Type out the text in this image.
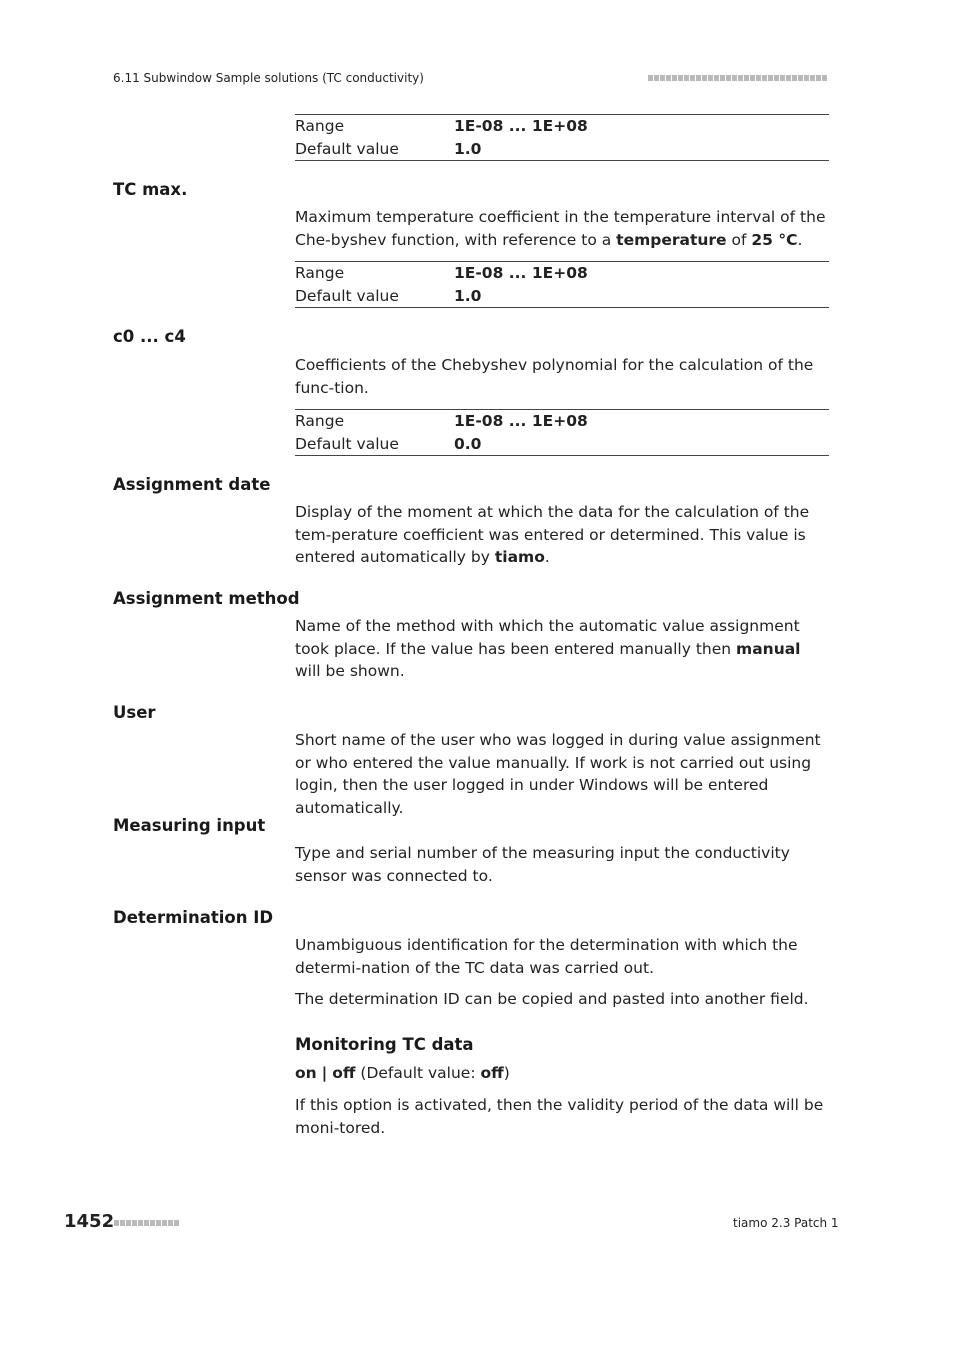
6.11 Subwindow Sample solutions (TC conductivity)
Range	1E-08 ... 1E+08
Default value	1.0
TC max.
Maximum temperature coefficient in the temperature interval of the Che-byshev function, with reference to a temperature of 25 °C.
Range	1E-08 ... 1E+08
Default value	1.0
c0 ... c4
Coefficients of the Chebyshev polynomial for the calculation of the func-tion.
Range	1E-08 ... 1E+08
Default value	0.0
Assignment date
Display of the moment at which the data for the calculation of the tem-perature coefficient was entered or determined. This value is entered automatically by tiamo.
Assignment method
Name of the method with which the automatic value assignment took place. If the value has been entered manually then manual will be shown.
User
Short name of the user who was logged in during value assignment or who entered the value manually. If work is not carried out using login, then the user logged in under Windows will be entered automatically.
Measuring input
Type and serial number of the measuring input the conductivity sensor was connected to.
Determination ID
Unambiguous identification for the determination with which the determi-nation of the TC data was carried out.
The determination ID can be copied and pasted into another field.
Monitoring TC data
on | off (Default value: off)
If this option is activated, then the validity period of the data will be moni-tored.
1452	tiamo 2.3 Patch 1
